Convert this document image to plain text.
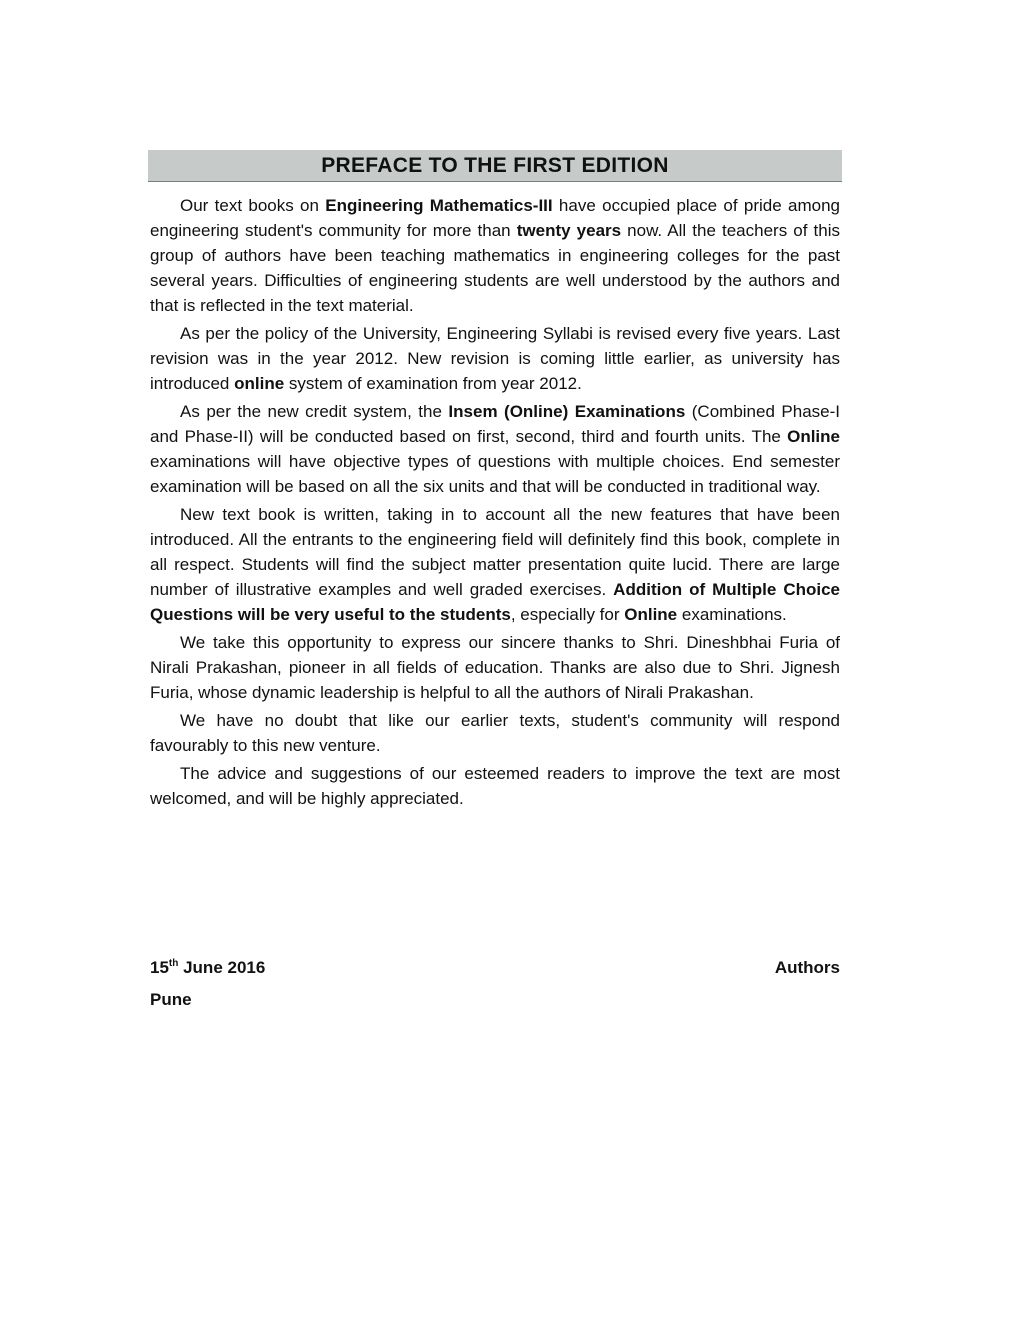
PREFACE TO THE FIRST EDITION

Our text books on Engineering Mathematics-III have occupied place of pride among engineering student's community for more than twenty years now. All the teachers of this group of authors have been teaching mathematics in engineering colleges for the past several years. Difficulties of engineering students are well understood by the authors and that is reflected in the text material.

As per the policy of the University, Engineering Syllabi is revised every five years. Last revision was in the year 2012. New revision is coming little earlier, as university has introduced online system of examination from year 2012.

As per the new credit system, the Insem (Online) Examinations (Combined Phase-I and Phase-II) will be conducted based on first, second, third and fourth units. The Online examinations will have objective types of questions with multiple choices. End semester examination will be based on all the six units and that will be conducted in traditional way.

New text book is written, taking in to account all the new features that have been introduced. All the entrants to the engineering field will definitely find this book, complete in all respect. Students will find the subject matter presentation quite lucid. There are large number of illustrative examples and well graded exercises. Addition of Multiple Choice Questions will be very useful to the students, especially for Online examinations.

We take this opportunity to express our sincere thanks to Shri. Dineshbhai Furia of Nirali Prakashan, pioneer in all fields of education. Thanks are also due to Shri. Jignesh Furia, whose dynamic leadership is helpful to all the authors of Nirali Prakashan.

We have no doubt that like our earlier texts, student's community will respond favourably to this new venture.

The advice and suggestions of our esteemed readers to improve the text are most welcomed, and will be highly appreciated.

15th June 2016	Authors
Pune
